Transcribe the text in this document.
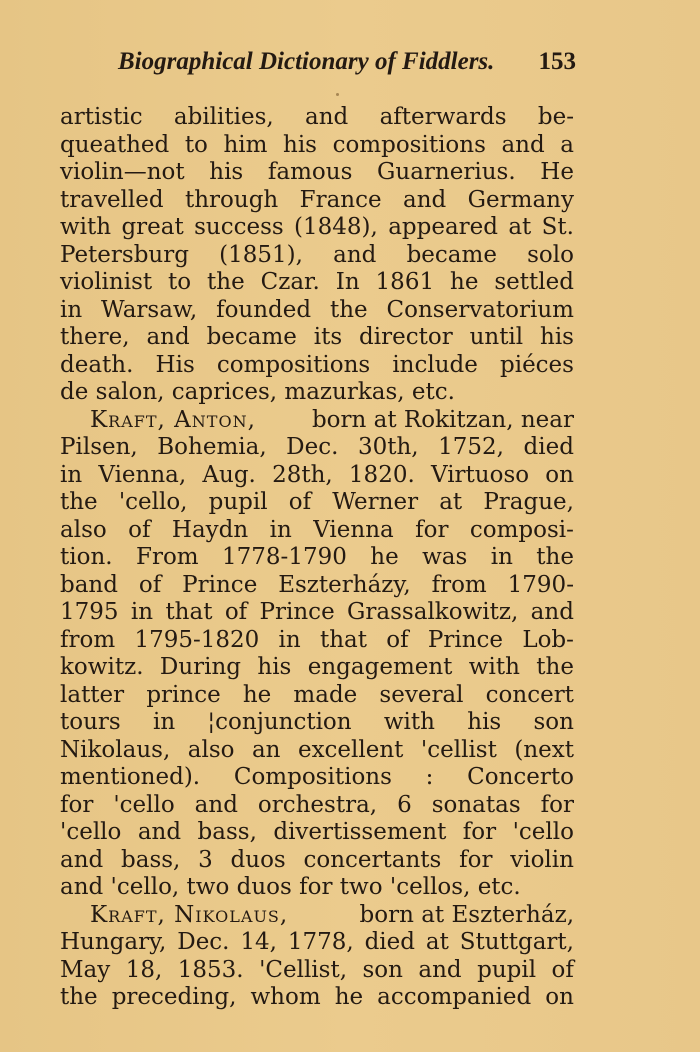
Biographical Dictionary of Fiddlers. 153
artistic abilities, and afterwards be-
queathed to him his compositions and a
violin—not his famous Guarnerius. He
travelled through France and Germany
with great success (1848), appeared at St.
Petersburg (1851), and became solo
violinist to the Czar. In 1861 he settled
in Warsaw, founded the Conservatorium
there, and became its director until his
death. His compositions include piéces
de salon, caprices, mazurkas, etc.
Kraft, Anton, born at Rokitzan, near
Pilsen, Bohemia, Dec. 30th, 1752, died
in Vienna, Aug. 28th, 1820. Virtuoso on
the 'cello, pupil of Werner at Prague,
also of Haydn in Vienna for composi-
tion. From 1778-1790 he was in the
band of Prince Eszterházy, from 1790-
1795 in that of Prince Grassalkowitz, and
from 1795-1820 in that of Prince Lob-
kowitz. During his engagement with the
latter prince he made several concert
tours in ¦conjunction with his son
Nikolaus, also an excellent 'cellist (next
mentioned). Compositions : Concerto
for 'cello and orchestra, 6 sonatas for
'cello and bass, divertissement for 'cello
and bass, 3 duos concertants for violin
and 'cello, two duos for two 'cellos, etc.
Kraft, Nikolaus,	born at Eszterház,
Hungary, Dec. 14, 1778, died at Stuttgart,
May 18, 1853. 'Cellist, son and pupil of
the preceding, whom he accompanied on
